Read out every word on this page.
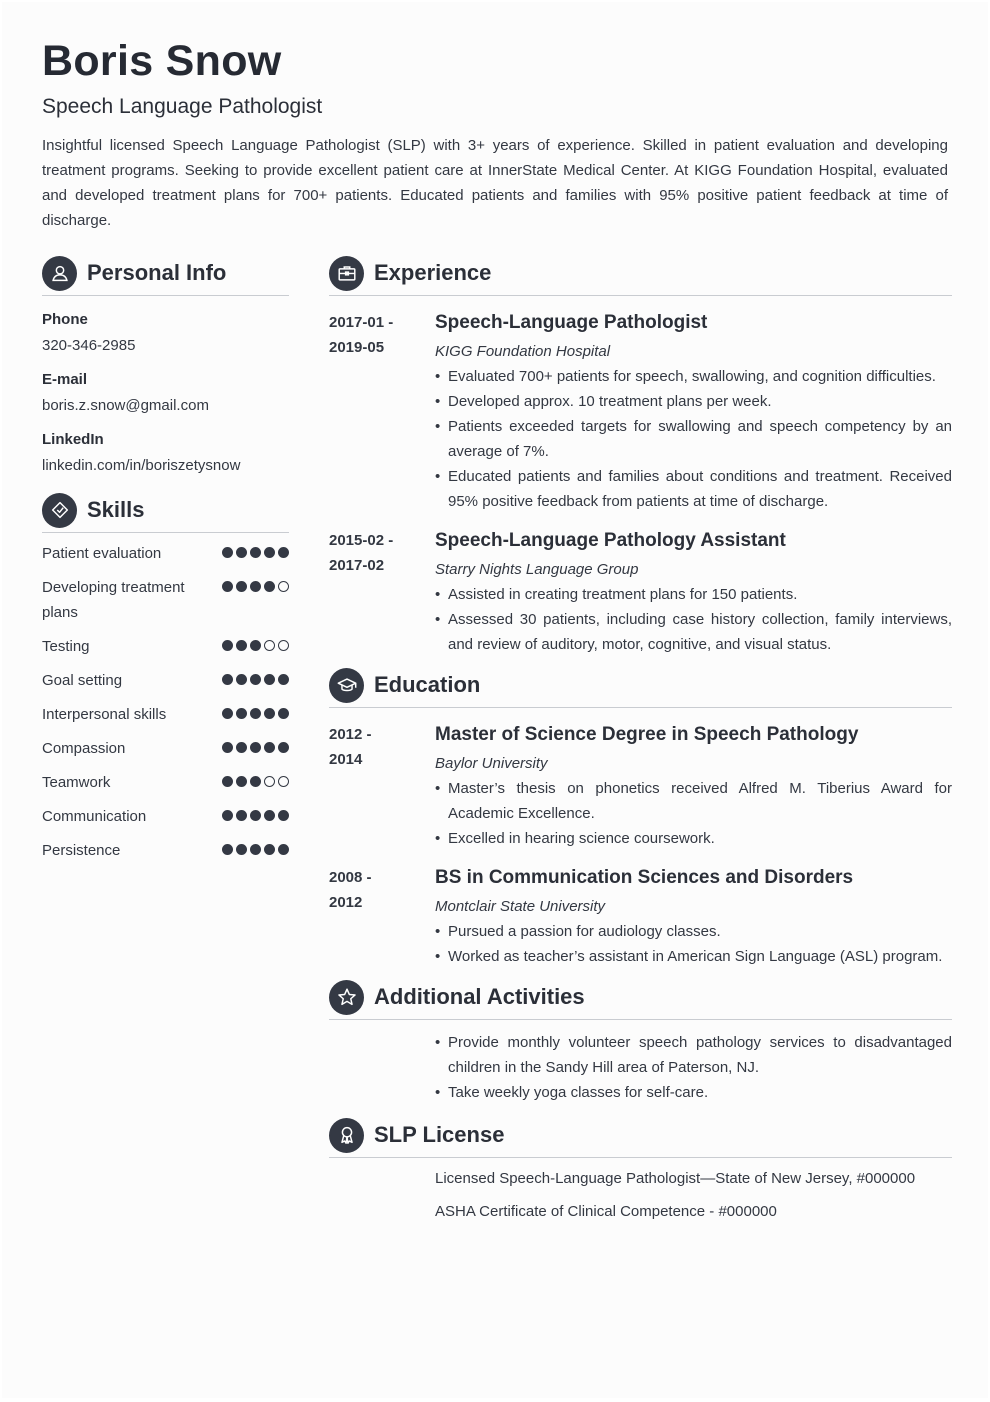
Boris Snow
Speech Language Pathologist
Insightful licensed Speech Language Pathologist (SLP) with 3+ years of experience. Skilled in patient evaluation and developing treatment programs. Seeking to provide excellent patient care at InnerState Medical Center. At KIGG Foundation Hospital, evaluated and developed treatment plans for 700+ patients. Educated patients and families with 95% positive patient feedback at time of discharge.
Personal Info
Phone
320-346-2985
E-mail
boris.z.snow@gmail.com
LinkedIn
linkedin.com/in/boriszetysnow
Skills
Patient evaluation
Developing treatment plans
Testing
Goal setting
Interpersonal skills
Compassion
Teamwork
Communication
Persistence
Experience
2017-01 -
2019-05
Speech-Language Pathologist
KIGG Foundation Hospital
• Evaluated 700+ patients for speech, swallowing, and cognition difficulties.
• Developed approx. 10 treatment plans per week.
• Patients exceeded targets for swallowing and speech competency by an average of 7%.
• Educated patients and families about conditions and treatment. Received 95% positive feedback from patients at time of discharge.
2015-02 -
2017-02
Speech-Language Pathology Assistant
Starry Nights Language Group
• Assisted in creating treatment plans for 150 patients.
• Assessed 30 patients, including case history collection, family interviews, and review of auditory, motor, cognitive, and visual status.
Education
2012 -
2014
Master of Science Degree in Speech Pathology
Baylor University
• Master’s thesis on phonetics received Alfred M. Tiberius Award for Academic Excellence.
• Excelled in hearing science coursework.
2008 -
2012
BS in Communication Sciences and Disorders
Montclair State University
• Pursued a passion for audiology classes.
• Worked as teacher’s assistant in American Sign Language (ASL) program.
Additional Activities
• Provide monthly volunteer speech pathology services to disadvantaged children in the Sandy Hill area of Paterson, NJ.
• Take weekly yoga classes for self-care.
SLP License
Licensed Speech-Language Pathologist—State of New Jersey, #000000
ASHA Certificate of Clinical Competence - #000000
